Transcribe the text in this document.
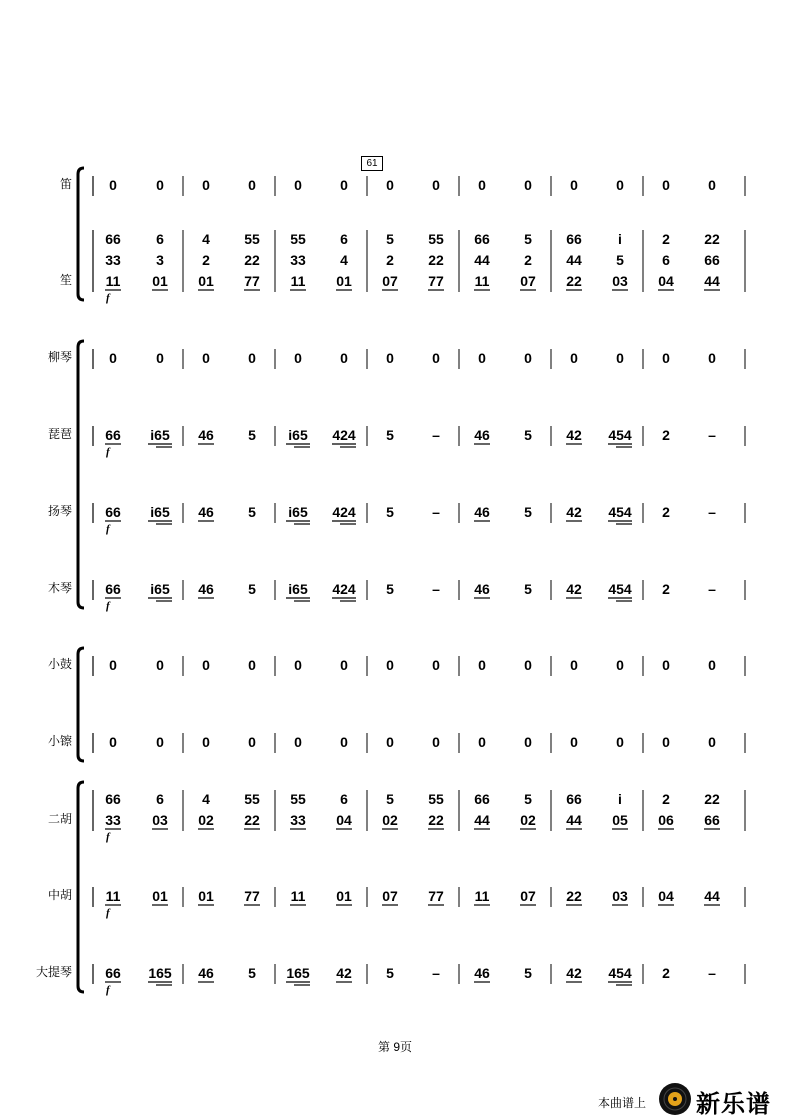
笛
笙
柳琴
琵琶
扬琴
木琴
小鼓
小镲
二胡
中胡
大提琴
0	0	0	0	0	0	0	0	0	0	0	0	0	0
66	6	4 55 55 6	5 55 66 5 66	i	2 22
33	3	2 22 33 4	2 22 44 2 44 5	6 66
11 01 01 77 11 01 07 77 11 07 22 03 04 44
f
0	0	0	0	0	0	0	0	0	0	0	0	0	0
66 i65 46 5 i65 424 5	– 46 5 42 454 2	–
f
66 i65 46 5 i65 424 5	– 46 5 42 454 2	–
f
66 i65 46 5 i65 424 5	– 46 5 42 454 2	–
f
0	0	0	0	0	0	0	0	0	0	0	0	0	0
0	0	0	0	0	0	0	0	0	0	0	0	0	0
66	6	4 55 55 6	5 55 66 5 66	i	2 22
33 03 02 22 33 04 02 22 44 02 44 05 06 66
f
11 01 01 77 11 01 07 77 11 07 22 03 04 44
f
66 165 46 5 165 42 5	– 46 5 42 454 2	–
f
61
第 9页
本曲谱上 新乐谱
